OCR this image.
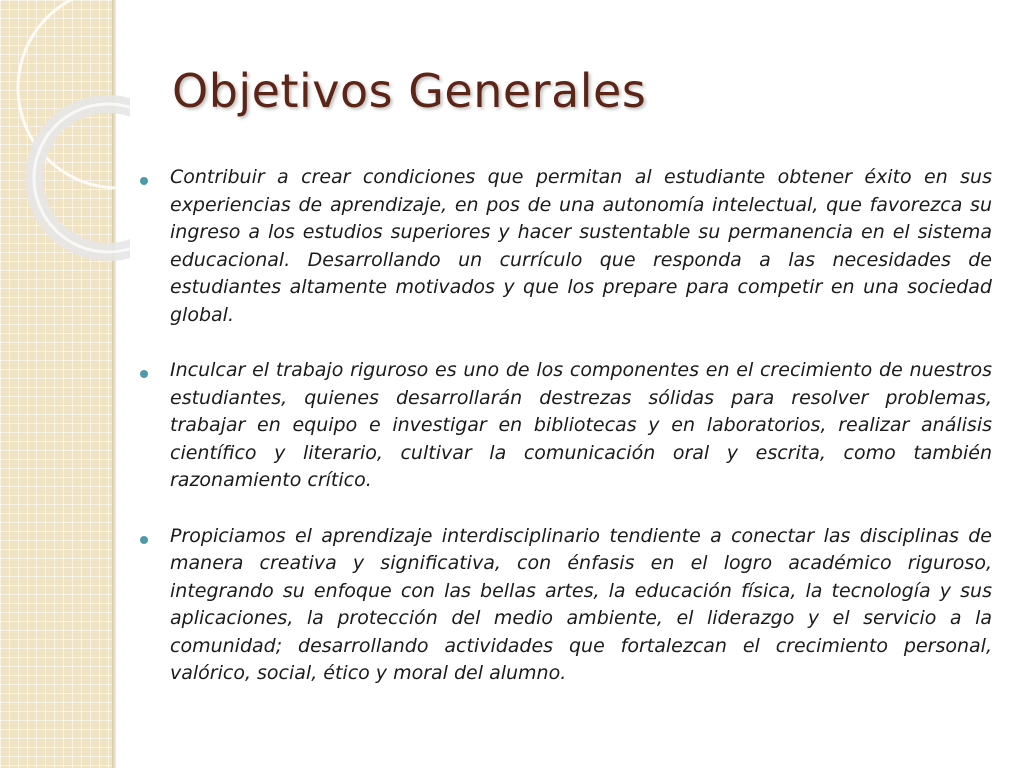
Objetivos Generales
Contribuir a crear condiciones que permitan al estudiante obtener éxito en sus experiencias de aprendizaje, en pos de una autonomía intelectual, que favorezca su ingreso a los estudios superiores y hacer sustentable su permanencia en el sistema educacional. Desarrollando un currículo que responda a las necesidades de estudiantes altamente motivados y que los prepare para competir en una sociedad global.
Inculcar el trabajo riguroso es uno de los componentes en el crecimiento de nuestros estudiantes, quienes desarrollarán destrezas sólidas para resolver problemas, trabajar en equipo e investigar en bibliotecas y en laboratorios, realizar análisis científico y literario, cultivar la comunicación oral y escrita, como también razonamiento crítico.
Propiciamos el aprendizaje interdisciplinario tendiente a conectar las disciplinas de manera creativa y significativa, con énfasis en el logro académico riguroso, integrando su enfoque con las bellas artes, la educación física, la tecnología y sus aplicaciones, la protección del medio ambiente, el liderazgo y el servicio a la comunidad; desarrollando actividades que fortalezcan el crecimiento personal, valórico, social, ético y moral del alumno.
